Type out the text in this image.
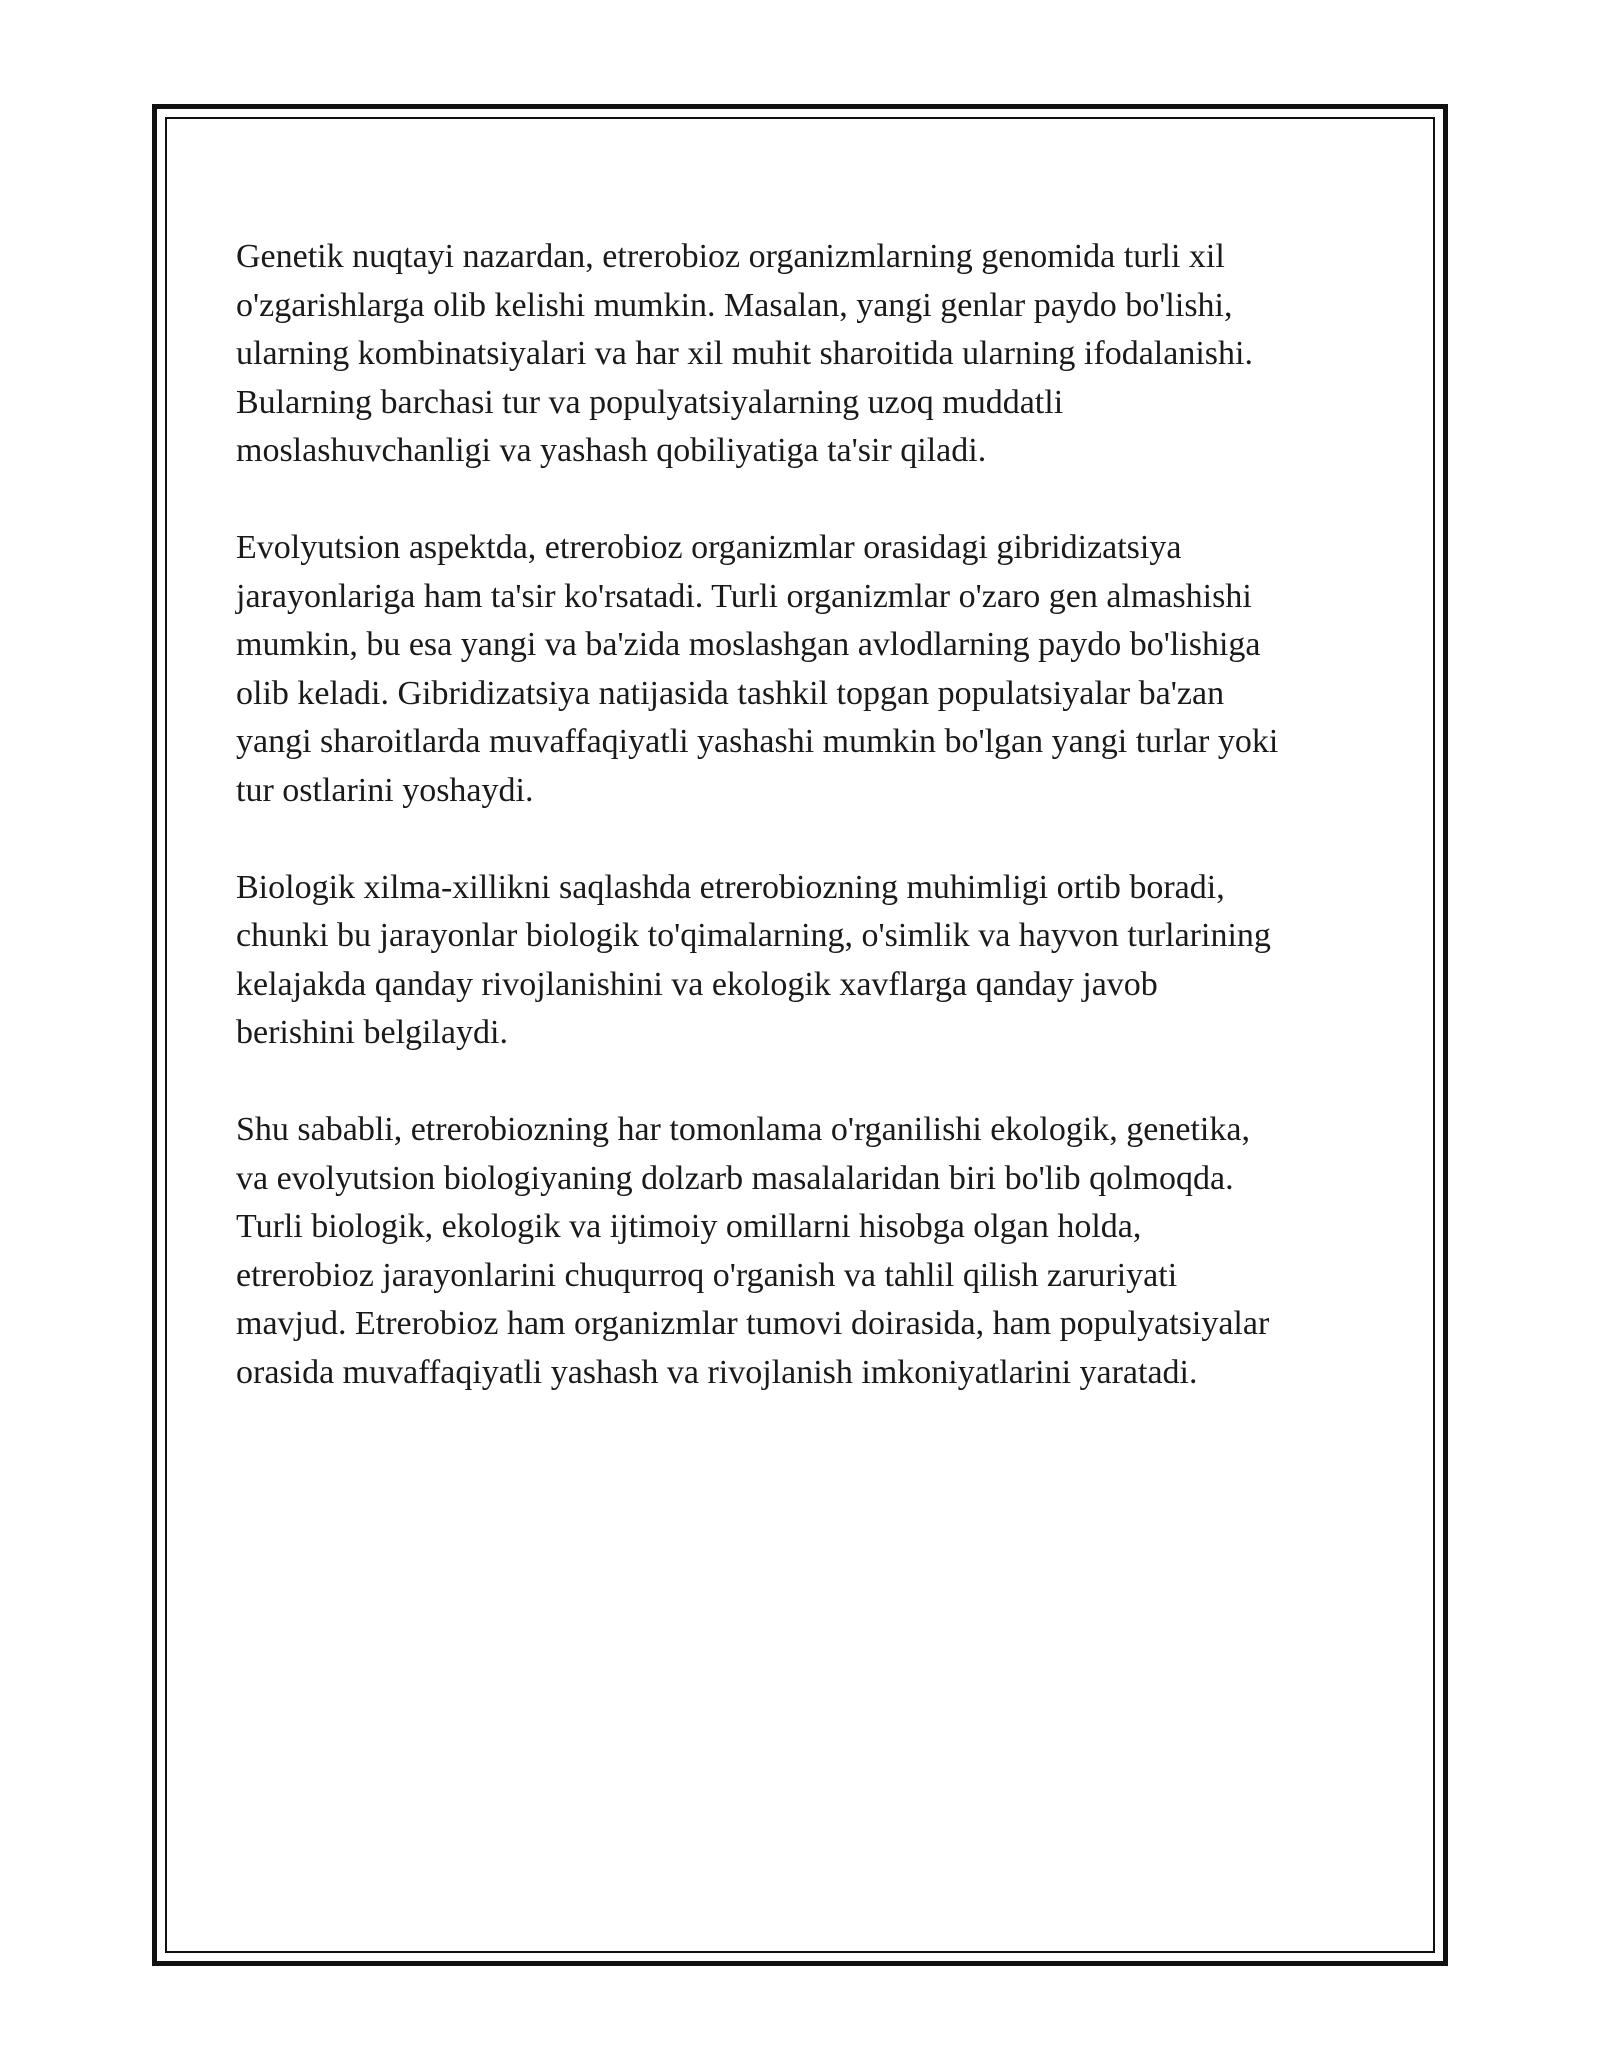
Genetik nuqtayi nazardan, etrerobioz organizmlarning genomida turli xil
o'zgarishlarga olib kelishi mumkin. Masalan, yangi genlar paydo bo'lishi,
ularning kombinatsiyalari va har xil muhit sharoitida ularning ifodalanishi.
Bularning barchasi tur va populyatsiyalarning uzoq muddatli
moslashuvchanligi va yashash qobiliyatiga ta'sir qiladi.

Evolyutsion aspektda, etrerobioz organizmlar orasidagi gibridizatsiya
jarayonlariga ham ta'sir ko'rsatadi. Turli organizmlar o'zaro gen almashishi
mumkin, bu esa yangi va ba'zida moslashgan avlodlarning paydo bo'lishiga
olib keladi. Gibridizatsiya natijasida tashkil topgan populatsiyalar ba'zan
yangi sharoitlarda muvaffaqiyatli yashashi mumkin bo'lgan yangi turlar yoki
tur ostlarini yoshaydi.

Biologik xilma-xillikni saqlashda etrerobiozning muhimligi ortib boradi,
chunki bu jarayonlar biologik to'qimalarning, o'simlik va hayvon turlarining
kelajakda qanday rivojlanishini va ekologik xavflarga qanday javob
berishini belgilaydi.

Shu sababli, etrerobiozning har tomonlama o'rganilishi ekologik, genetika,
va evolyutsion biologiyaning dolzarb masalalaridan biri bo'lib qolmoqda.
Turli biologik, ekologik va ijtimoiy omillarni hisobga olgan holda,
etrerobioz jarayonlarini chuqurroq o'rganish va tahlil qilish zaruriyati
mavjud. Etrerobioz ham organizmlar tumovi doirasida, ham populyatsiyalar
orasida muvaffaqiyatli yashash va rivojlanish imkoniyatlarini yaratadi.
